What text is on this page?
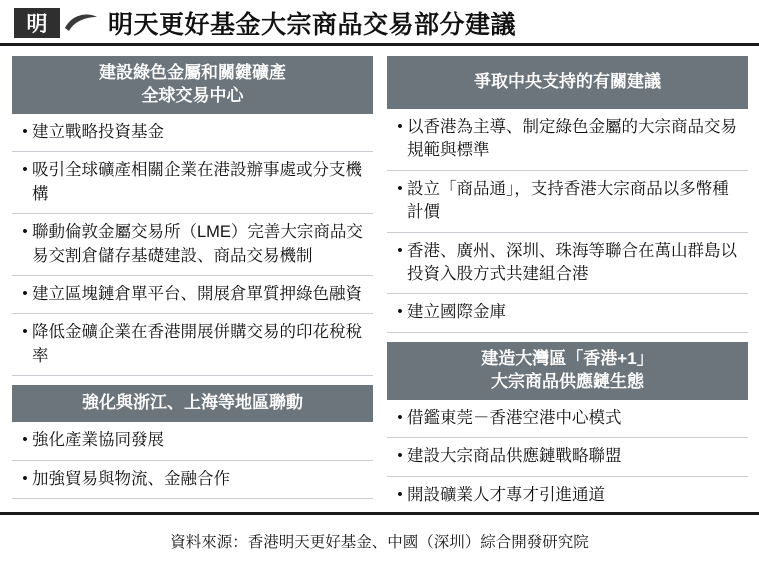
明	明天更好基金大宗商品交易部分建議
建設綠色金屬和關鍵礦產
全球交易中心
• 建立戰略投資基金
• 吸引全球礦產相關企業在港設辦事處或分支機構
• 聯動倫敦金屬交易所（LME）完善大宗商品交易交割倉儲存基礎建設、商品交易機制
• 建立區塊鏈倉單平台、開展倉單質押綠色融資
• 降低金礦企業在香港開展併購交易的印花稅稅率
強化與浙江、上海等地區聯動
• 強化產業協同發展
• 加強貿易與物流、金融合作
爭取中央支持的有關建議
• 以香港為主導、制定綠色金屬的大宗商品交易規範與標準
• 設立「商品通」，支持香港大宗商品以多幣種計價
• 香港、廣州、深圳、珠海等聯合在萬山群島以投資入股方式共建組合港
• 建立國際金庫
建造大灣區「香港+1」
大宗商品供應鏈生態
• 借鑑東莞－香港空港中心模式
• 建設大宗商品供應鏈戰略聯盟
• 開設礦業人才專才引進通道
資料來源：香港明天更好基金、中國（深圳）綜合開發研究院
